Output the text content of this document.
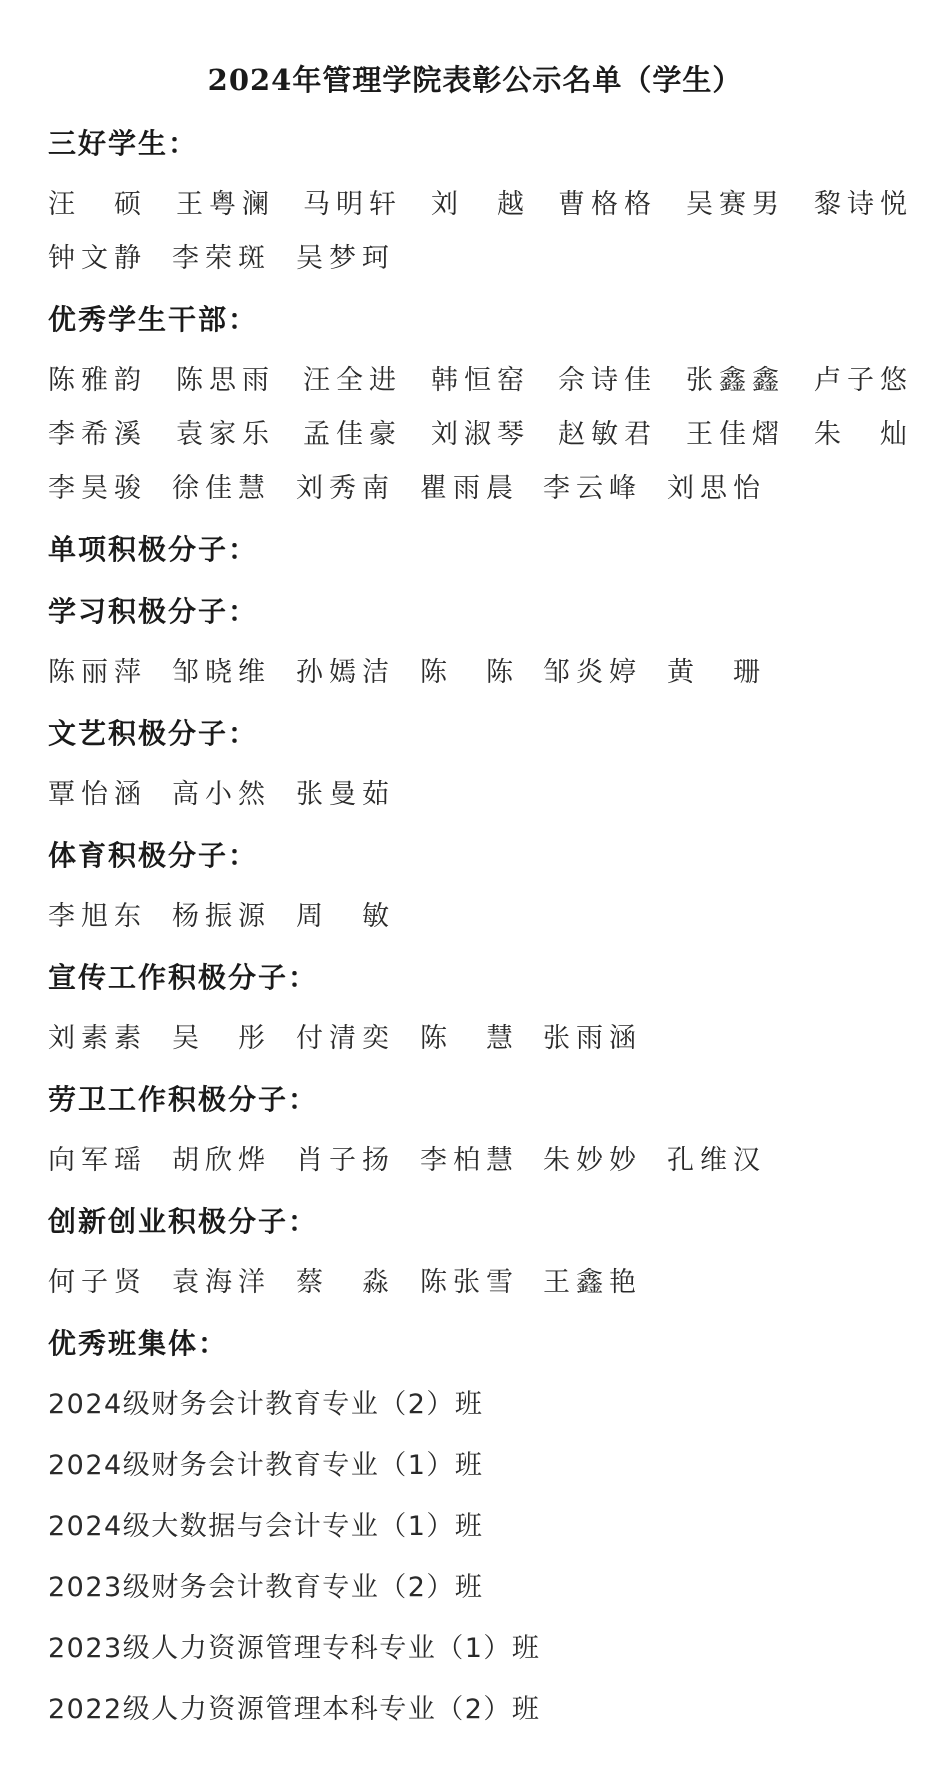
2024年管理学院表彰公示名单（学生）
三好学生：
汪　硕 王粤澜 马明轩 刘　越 曹格格 吴赛男 黎诗悦
钟文静 李荣斑 吴梦珂
优秀学生干部：
陈雅韵 陈思雨 汪全进 韩恒窑 佘诗佳 张鑫鑫 卢子悠
李希溪 袁家乐 孟佳豪 刘淑琴 赵敏君 王佳熠 朱　灿
李昊骏 徐佳慧 刘秀南 瞿雨晨 李云峰 刘思怡
单项积极分子：
学习积极分子：
陈丽萍 邹晓维 孙嫣洁 陈　陈 邹炎婷 黄　珊
文艺积极分子：
覃怡涵 高小然 张曼茹
体育积极分子：
李旭东 杨振源 周　敏
宣传工作积极分子：
刘素素 吴　彤 付清奕 陈　慧 张雨涵
劳卫工作积极分子：
向军瑶 胡欣烨 肖子扬 李柏慧 朱妙妙 孔维汉
创新创业积极分子：
何子贤 袁海洋 蔡　淼 陈张雪 王鑫艳
优秀班集体：
2024级财务会计教育专业（2）班
2024级财务会计教育专业（1）班
2024级大数据与会计专业（1）班
2023级财务会计教育专业（2）班
2023级人力资源管理专科专业（1）班
2022级人力资源管理本科专业（2）班
